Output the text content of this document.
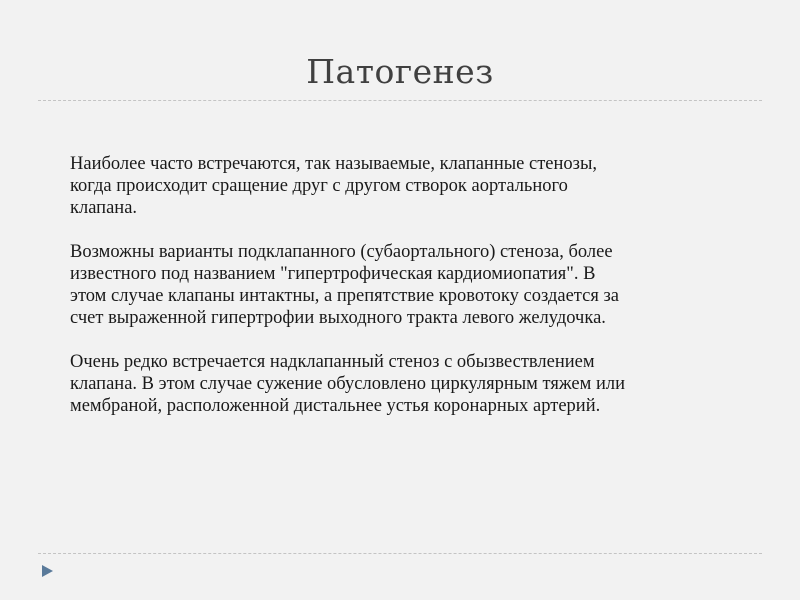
Патогенез

Наиболее часто встречаются, так называемые, клапанные стенозы,
когда происходит сращение друг с другом створок аортального
клапана.

Возможны варианты подклапанного (субаортального) стеноза, более
известного под названием "гипертрофическая кардиомиопатия". В
этом случае клапаны интактны, а препятствие кровотоку создается за
счет выраженной гипертрофии выходного тракта левого желудочка.

Очень редко встречается надклапанный стеноз с обызвествлением
клапана. В этом случае сужение обусловлено циркулярным тяжем или
мембраной, расположенной дистальнее устья коронарных артерий.
